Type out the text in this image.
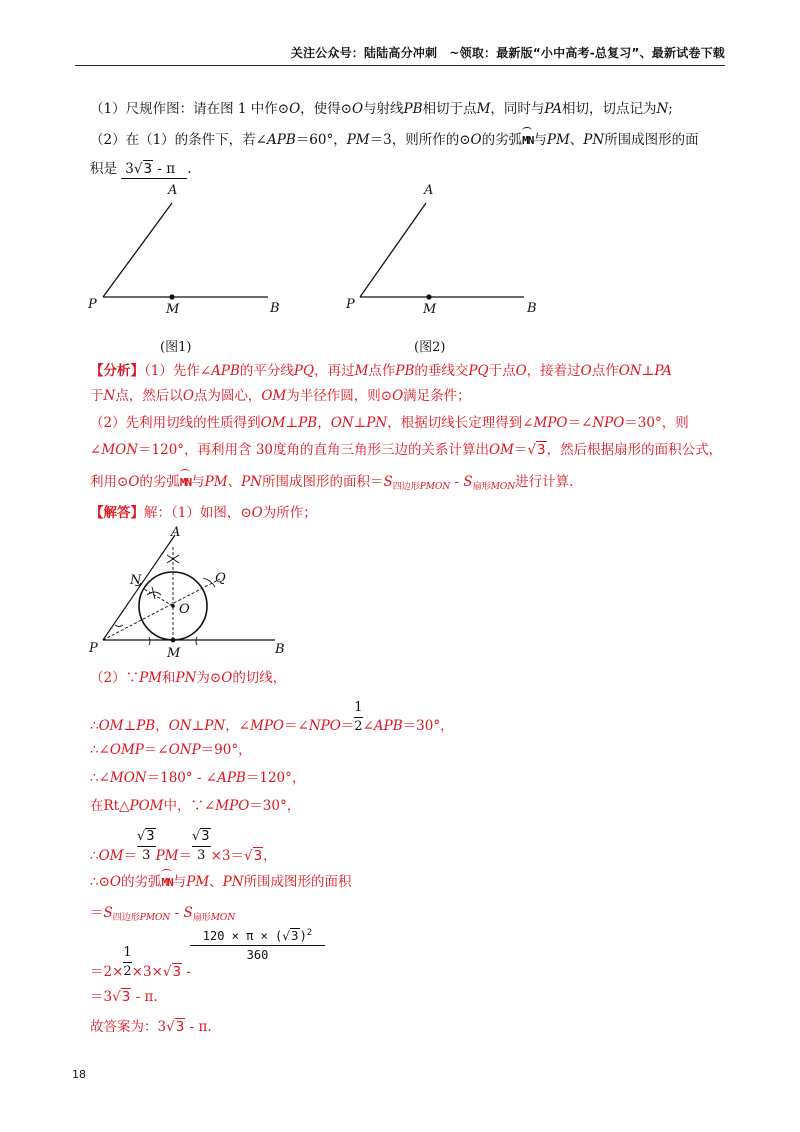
关注公众号：陆陆高分冲刺　~领取：最新版“小中高考-总复习”、最新试卷下载
（1）尺规作图：请在图 1 中作⊙O，使得⊙O与射线PB相切于点M，同时与PA相切，切点记为N;
（2）在（1）的条件下，若∠APB＝60°，PM＝3，则所作的⊙O的劣弧MN与PM、PN所围成图形的面
积是 3√3 - π .
A
P	M	B
A
P	M	B
(图1)	(图2)
【分析】（1）先作∠APB的平分线PQ，再过M点作PB的垂线交PQ于点O，接着过O点作ON⊥PA
于N点，然后以O点为圆心，OM为半径作圆，则⊙O满足条件；
（2）先利用切线的性质得到OM⊥PB，ON⊥PN，根据切线长定理得到∠MPO＝∠NPO＝30°，则
∠MON＝120°，再利用含 30度角的直角三角形三边的关系计算出OM＝√3，然后根据扇形的面积公式，
利用⊙O的劣弧MN与PM、PN所围成图形的面积$=S_{四边形PMON} - S_{扇形MON}$进行计算.
【解答】解：（1）如图，⊙O为所作；
A
N	Q
O
P	M	B
（2）∵PM和PN为⊙O的切线，
∴OM⊥PB，ON⊥PN，∠MPO＝∠NPO＝ $\frac{1}{2}$ ∠APB＝30°，
∴∠OMP＝∠ONP＝90°，
∴∠MON＝180° - ∠APB＝120°，
在Rt△POM中，∵∠MPO＝30°，
∴OM＝ $\frac{√3}{3} PM= \frac{√3}{3} \times 3=√3$，
∴⊙O的劣弧MN与PM、PN所围成图形的面积
$=S_{四边形PMON} - S_{扇形MON}$
$=2\times \frac{1}{2} \times 3\times√3$ -
$120 \times \pi \times (√3)^2$
360
＝3√3 - π.
故答案为：3√3 - π.
18
